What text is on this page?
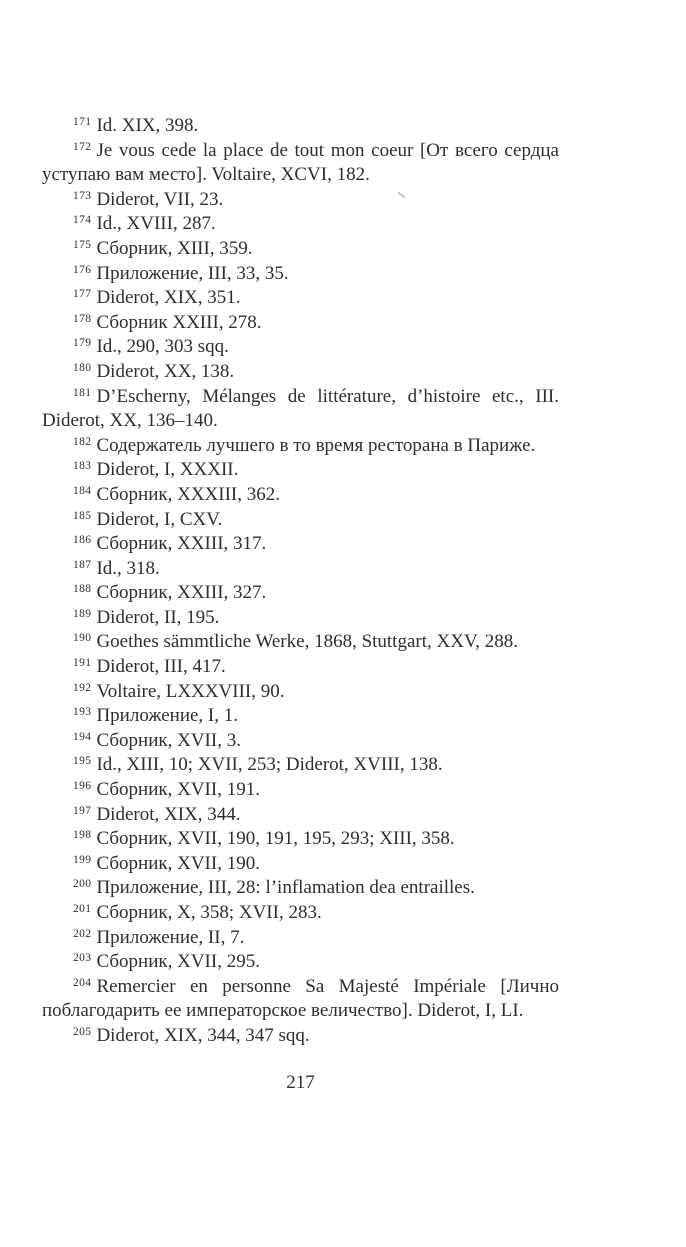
$^{171}$ Id. XIX, 398.

$^{172}$ Je vous cede la place de tout mon coeur [От всего сердца уступаю вам место]. Voltaire, XCVI, 182.

$^{173}$ Diderot, VII, 23.

$^{174}$ Id., XVIII, 287.

$^{175}$ Сборник, XIII, 359.

$^{176}$ Приложение, III, 33, 35.

$^{177}$ Diderot, XIX, 351.

$^{178}$ Сборник XXIII, 278.

$^{179}$ Id., 290, 303 sqq.

$^{180}$ Diderot, XX, 138.

$^{181}$ D’Escherny, Mélanges de littérature, d’histoire etc., III. Diderot, XX, 136–140.

$^{182}$ Содержатель лучшего в то время ресторана в Париже.

$^{183}$ Diderot, I, XXXII.

$^{184}$ Сборник, XXXIII, 362.

$^{185}$ Diderot, I, CXV.

$^{186}$ Сборник, XXIII, 317.

$^{187}$ Id., 318.

$^{188}$ Сборник, XXIII, 327.

$^{189}$ Diderot, II, 195.

$^{190}$ Goethes sämmtliche Werke, 1868, Stuttgart, XXV, 288.

$^{191}$ Diderot, III, 417.

$^{192}$ Voltaire, LXXXVIII, 90.

$^{193}$ Приложение, I, 1.

$^{194}$ Сборник, XVII, 3.

$^{195}$ Id., XIII, 10; XVII, 253; Diderot, XVIII, 138.

$^{196}$ Сборник, XVII, 191.

$^{197}$ Diderot, XIX, 344.

$^{198}$ Сборник, XVII, 190, 191, 195, 293; XIII, 358.

$^{199}$ Сборник, XVII, 190.

$^{200}$ Приложение, III, 28: l’inflamation dea entrailles.

$^{201}$ Сборник, X, 358; XVII, 283.

$^{202}$ Приложение, II, 7.

$^{203}$ Сборник, XVII, 295.

$^{204}$ Remercier en personne Sa Majesté Impériale [Лично поблагодарить ее императорское величество]. Diderot, I, LI.

$^{205}$ Diderot, XIX, 344, 347 sqq.

217
